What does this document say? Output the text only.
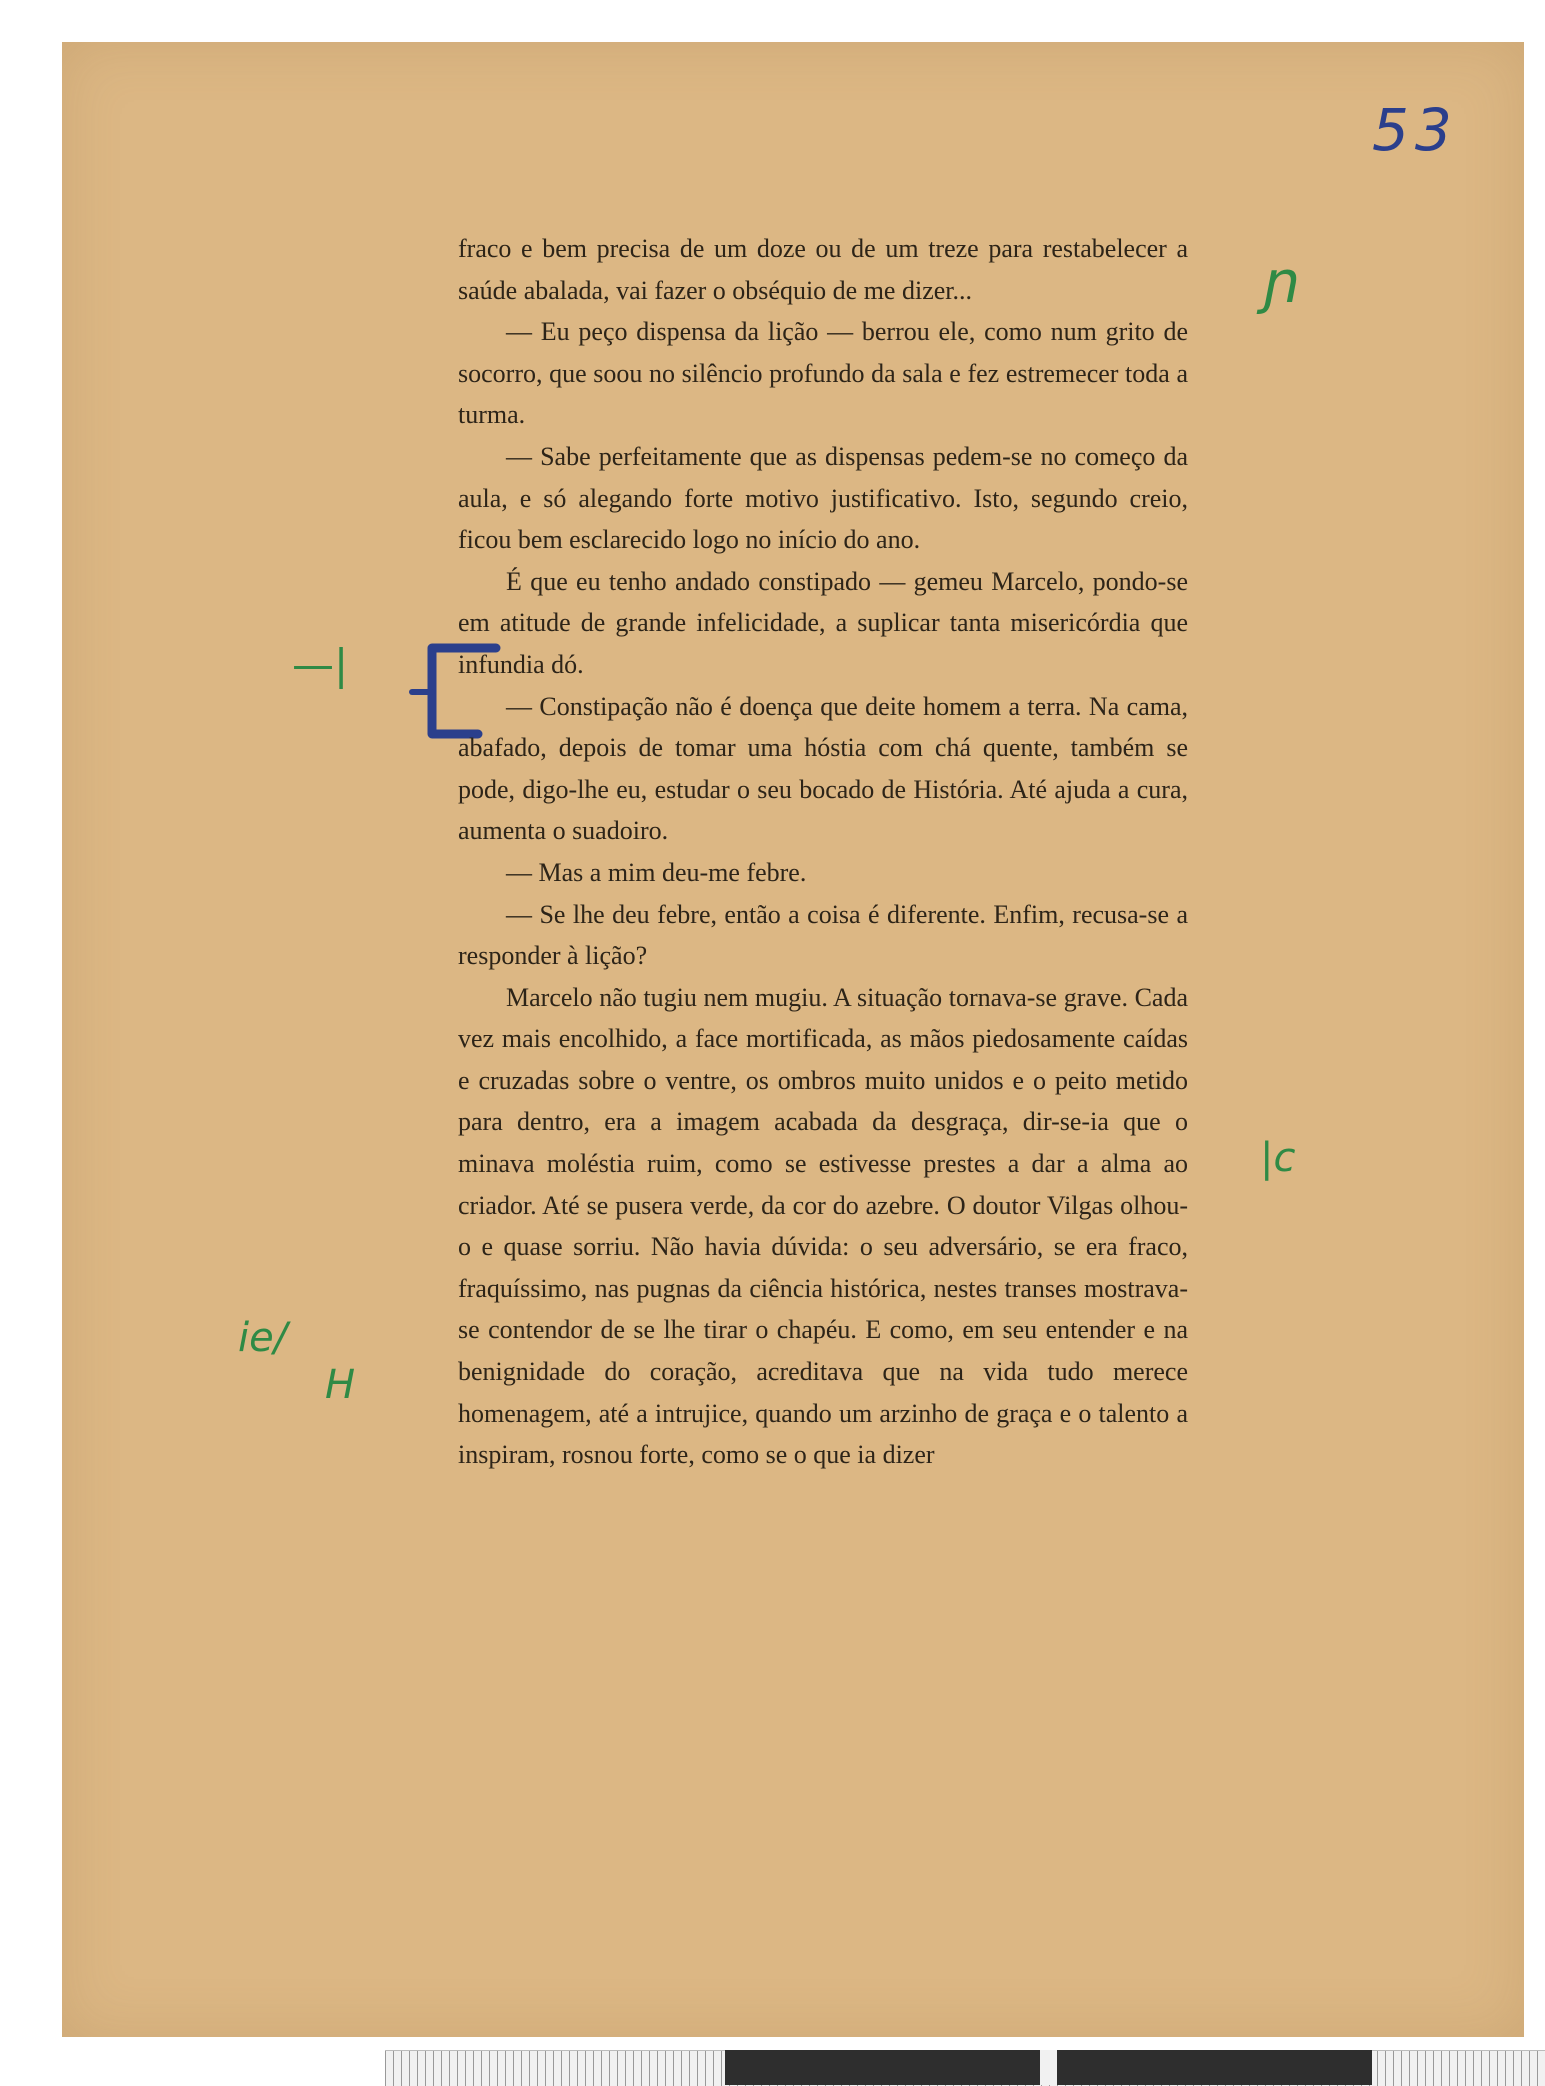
53
ɲ
—|
|c
ie/
H

fraco e bem precisa de um doze ou de um treze para restabelecer a saúde abalada, vai fazer o obséquio de me dizer...

— Eu peço dispensa da lição — berrou ele, como num grito de socorro, que soou no silêncio profundo da sala e fez estremecer toda a turma.

— Sabe perfeitamente que as dispensas pedem-se no começo da aula, e só alegando forte motivo justificativo. Isto, segundo creio, ficou bem esclarecido logo no início do ano.

É que eu tenho andado constipado — gemeu Marcelo, pondo-se em atitude de grande infelicidade, a suplicar tanta misericórdia que infundia dó.

— Constipação não é doença que deite homem a terra. Na cama, abafado, depois de tomar uma hóstia com chá quente, também se pode, digo-lhe eu, estudar o seu bocado de História. Até ajuda a cura, aumenta o suadoiro.

— Mas a mim deu-me febre.

— Se lhe deu febre, então a coisa é diferente. Enfim, recusa-se a responder à lição?

Marcelo não tugiu nem mugiu. A situação tornava-se grave. Cada vez mais encolhido, a face mortificada, as mãos piedosamente caídas e cruzadas sobre o ventre, os ombros muito unidos e o peito metido para dentro, era a imagem acabada da desgraça, dir-se-ia que o minava moléstia ruim, como se estivesse prestes a dar a alma ao criador. Até se pusera verde, da cor do azebre. O doutor Vilgas olhou-o e quase sorriu. Não havia dúvida: o seu adversário, se era fraco, fraquíssimo, nas pugnas da ciência histórica, nestes transes mostrava-se contendor de se lhe tirar o chapéu. E como, em seu entender e na benignidade do coração, acreditava que na vida tudo merece homenagem, até a intrujice, quando um arzinho de graça e o talento a inspiram, rosnou forte, como se o que ia dizer
